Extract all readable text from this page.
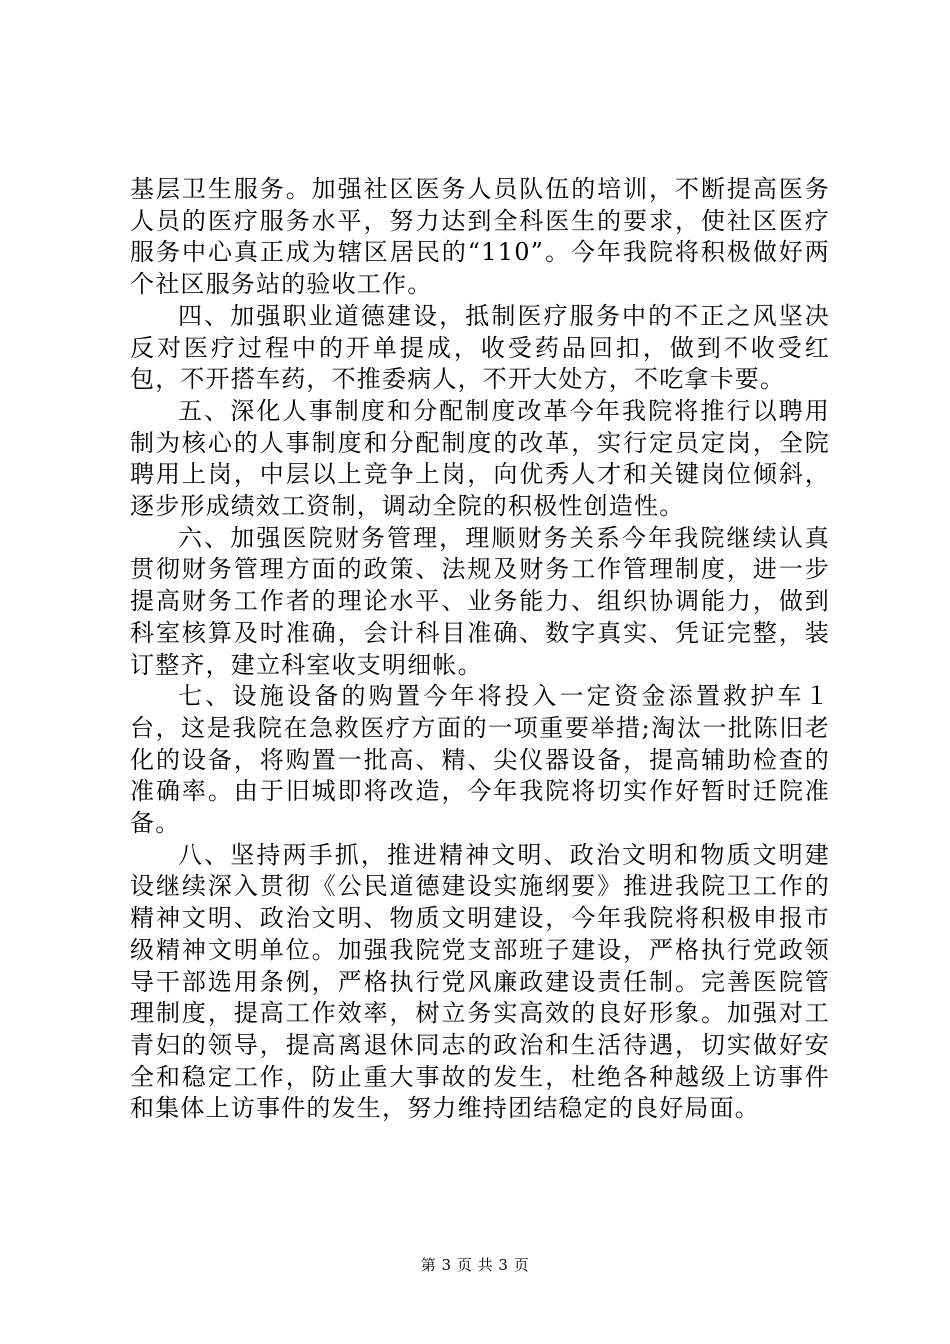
基层卫生服务。加强社区医务人员队伍的培训，不断提高医务人员的医疗服务水平，努力达到全科医生的要求，使社区医疗服务中心真正成为辖区居民的“110”。今年我院将积极做好两个社区服务站的验收工作。

四、加强职业道德建设，抵制医疗服务中的不正之风坚决反对医疗过程中的开单提成，收受药品回扣，做到不收受红包，不开搭车药，不推委病人，不开大处方，不吃拿卡要。

五、深化人事制度和分配制度改革今年我院将推行以聘用制为核心的人事制度和分配制度的改革，实行定员定岗，全院聘用上岗，中层以上竞争上岗，向优秀人才和关键岗位倾斜，逐步形成绩效工资制，调动全院的积极性创造性。

六、加强医院财务管理，理顺财务关系今年我院继续认真贯彻财务管理方面的政策、法规及财务工作管理制度，进一步提高财务工作者的理论水平、业务能力、组织协调能力，做到科室核算及时准确，会计科目准确、数字真实、凭证完整，装订整齐，建立科室收支明细帐。

七、设施设备的购置今年将投入一定资金添置救护车１台，这是我院在急救医疗方面的一项重要举措;淘汰一批陈旧老化的设备，将购置一批高、精、尖仪器设备，提高辅助检查的准确率。由于旧城即将改造，今年我院将切实作好暂时迁院准备。

八、坚持两手抓，推进精神文明、政治文明和物质文明建设继续深入贯彻《公民道德建设实施纲要》推进我院卫工作的精神文明、政治文明、物质文明建设，今年我院将积极申报市级精神文明单位。加强我院党支部班子建设，严格执行党政领导干部选用条例，严格执行党风廉政建设责任制。完善医院管理制度，提高工作效率，树立务实高效的良好形象。加强对工青妇的领导，提高离退休同志的政治和生活待遇，切实做好安全和稳定工作，防止重大事故的发生，杜绝各种越级上访事件和集体上访事件的发生，努力维持团结稳定的良好局面。

第 3 页 共 3 页
